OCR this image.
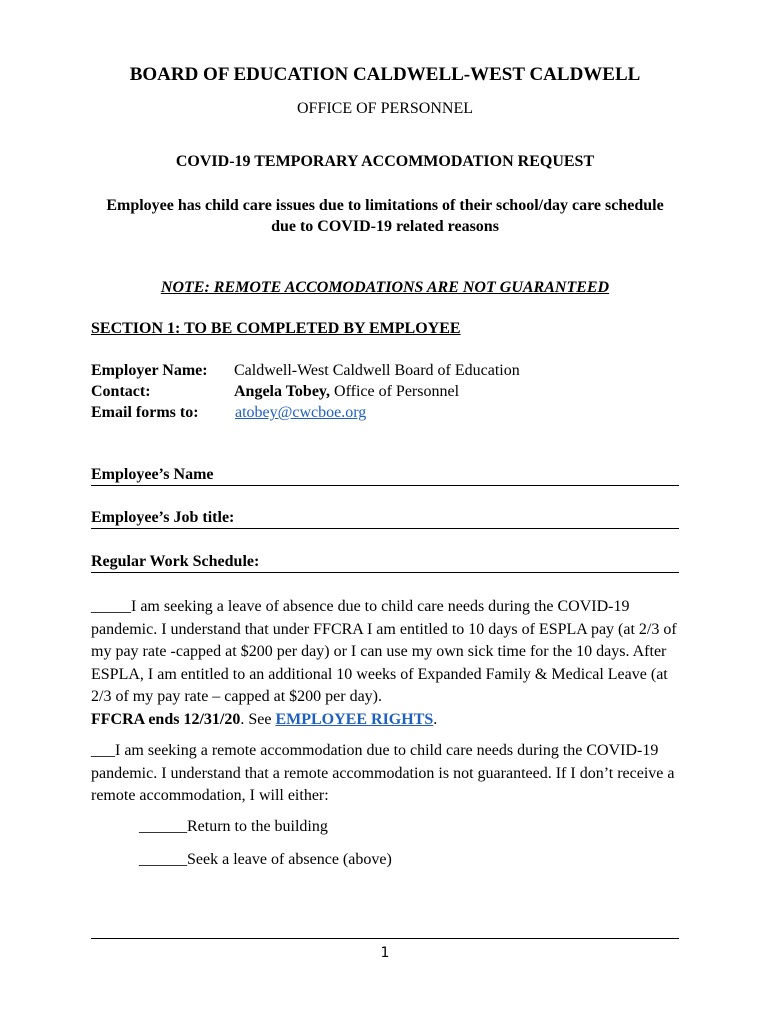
BOARD OF EDUCATION CALDWELL-WEST CALDWELL
OFFICE OF PERSONNEL
COVID-19 TEMPORARY ACCOMMODATION REQUEST
Employee has child care issues due to limitations of their school/day care schedule due to COVID-19 related reasons
NOTE: REMOTE ACCOMODATIONS ARE NOT GUARANTEED
SECTION 1: TO BE COMPLETED BY EMPLOYEE
Employer Name: Caldwell-West Caldwell Board of Education
Contact:	Angela Tobey, Office of Personnel
Email forms to: atobey@cwcboe.org
Employee’s Name
Employee’s Job title:
Regular Work Schedule:
_____I am seeking a leave of absence due to child care needs during the COVID-19 pandemic. I understand that under FFCRA I am entitled to 10 days of ESPLA pay (at 2/3 of my pay rate -capped at $200 per day) or I can use my own sick time for the 10 days. After ESPLA, I am entitled to an additional 10 weeks of Expanded Family & Medical Leave (at 2/3 of my pay rate – capped at $200 per day).
FFCRA ends 12/31/20. See EMPLOYEE RIGHTS.
___I am seeking a remote accommodation due to child care needs during the COVID-19 pandemic. I understand that a remote accommodation is not guaranteed. If I don’t receive a remote accommodation, I will either:
______Return to the building
______Seek a leave of absence (above)
1
